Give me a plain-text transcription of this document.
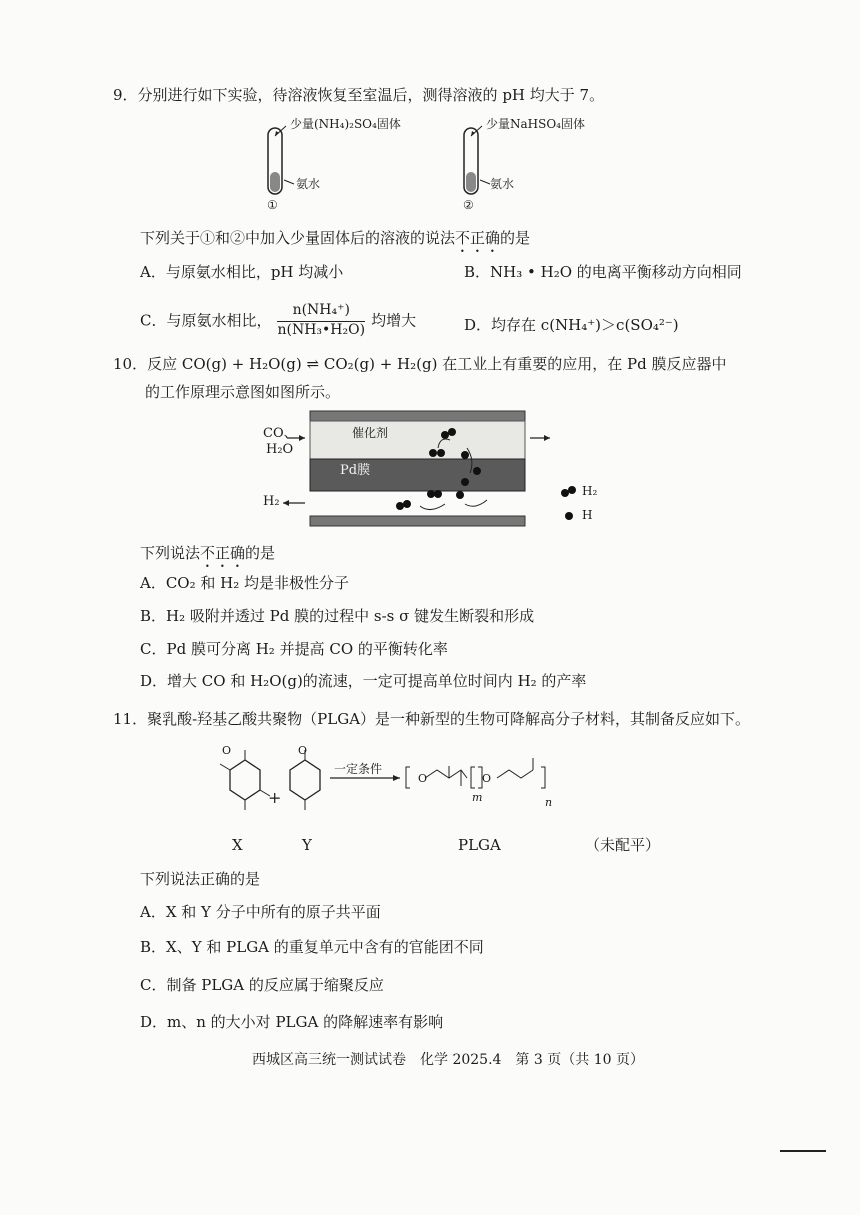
9．分别进行如下实验，待溶液恢复至室温后，测得溶液的 pH 均大于 7。
少量(NH₄)₂SO₄固体
氨水
①
少量NaHSO₄固体
氨水
②
下列关于①和②中加入少量固体后的溶液的说法不正确的是
A．与原氨水相比，pH 均减小	B．NH₃ • H₂O 的电离平衡移动方向相同
C．与原氨水相比， $\frac{\text{n(NH₄⁺)}}{\text{n(NH₃•H₂O)}}$ 均增大	D．均存在 c(NH₄⁺)＞c(SO₄²⁻)
10．反应 CO(g) + H₂O(g) ⇌ CO₂(g) + H₂(g) 在工业上有重要的应用，在 Pd 膜反应器中
的工作原理示意图如图所示。
CO、
H₂O
催化剂
Pd膜
H₂
H₂
H
下列说法不正确的是
A．CO₂ 和 H₂ 均是非极性分子
B．H₂ 吸附并透过 Pd 膜的过程中 s-s σ 键发生断裂和形成
C．Pd 膜可分离 H₂ 并提高 CO 的平衡转化率
D．增大 CO 和 H₂O(g)的流速，一定可提高单位时间内 H₂ 的产率
11．聚乳酸-羟基乙酸共聚物（PLGA）是一种新型的生物可降解高分子材料，其制备反应如下。
O	O
+
一定条件
O	O
m	n
X	Y	PLGA	（未配平）
下列说法正确的是
A．X 和 Y 分子中所有的原子共平面
B．X、Y 和 PLGA 的重复单元中含有的官能团不同
C．制备 PLGA 的反应属于缩聚反应
D．m、n 的大小对 PLGA 的降解速率有影响
西城区高三统一测试试卷　化学 2025.4　第 3 页（共 10 页）
